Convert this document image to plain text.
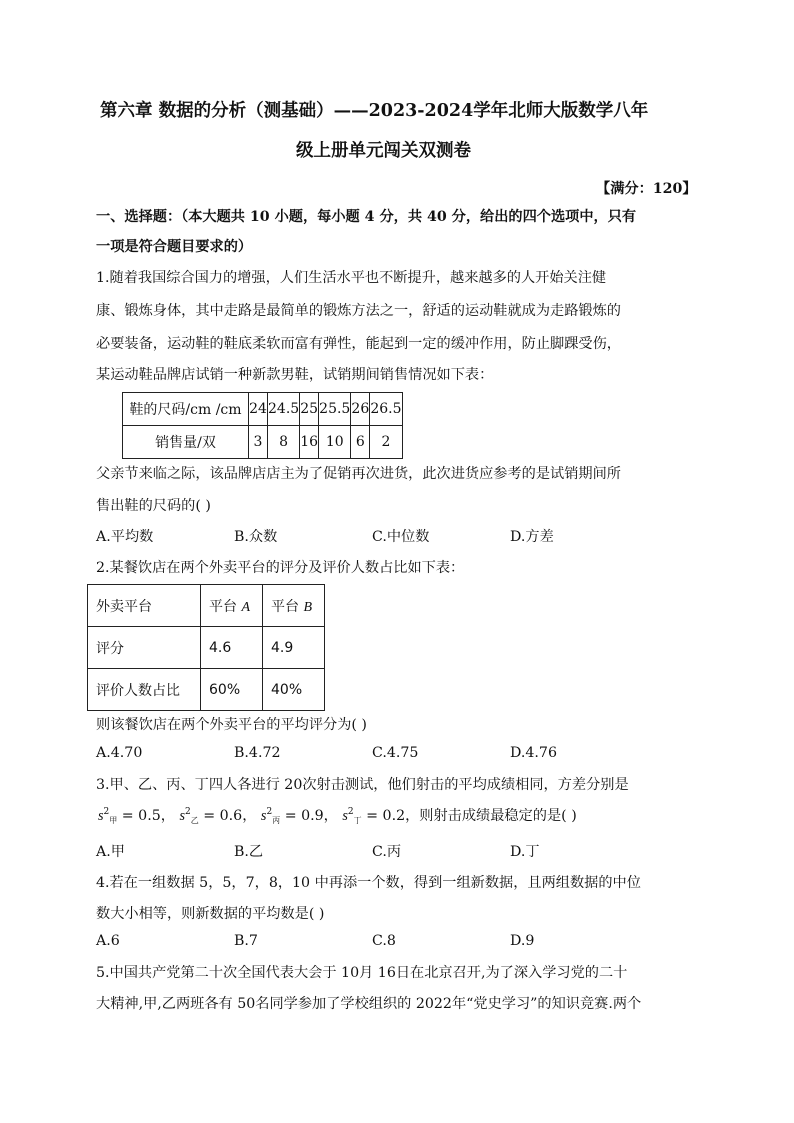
第六章 数据的分析（测基础）——2023-2024学年北师大版数学八年
级上册单元闯关双测卷
【满分：120】
一、选择题：（本大题共 10 小题，每小题 4 分，共 40 分，给出的四个选项中，只有
一项是符合题目要求的）
1.随着我国综合国力的增强，人们生活水平也不断提升，越来越多的人开始关注健
康、锻炼身体，其中走路是最简单的锻炼方法之一，舒适的运动鞋就成为走路锻炼的
必要装备，运动鞋的鞋底柔软而富有弹性，能起到一定的缓冲作用，防止脚踝受伤，
某运动鞋品牌店试销一种新款男鞋，试销期间销售情况如下表：
鞋的尺码/cm /cm	24	24.5	25	25.5	26	26.5
销售量/双	3	8	16	10	6	2
父亲节来临之际，该品牌店店主为了促销再次进货，此次进货应参考的是试销期间所
售出鞋的尺码的( )
A.平均数	B.众数	C.中位数	D.方差
2.某餐饮店在两个外卖平台的评分及评价人数占比如下表：
外卖平台	平台 A	平台 B
评分	4.6	4.9
评价人数占比	60%	40%
则该餐饮店在两个外卖平台的平均评分为( )
A.4.70	B.4.72	C.4.75	D.4.76
3.甲、乙、丙、丁四人各进行 20次射击测试，他们射击的平均成绩相同，方差分别是
$s^2_甲 = 0.5$， $s^2_乙 = 0.6$， $s^2_丙 = 0.9$， $s^2_丁 = 0.2$，则射击成绩最稳定的是( )
A.甲	B.乙	C.丙	D.丁
4.若在一组数据 5，5，7，8，10 中再添一个数，得到一组新数据，且两组数据的中位
数大小相等，则新数据的平均数是( )
A.6	B.7	C.8	D.9
5.中国共产党第二十次全国代表大会于 10月 16日在北京召开,为了深入学习党的二十
大精神,甲,乙两班各有 50名同学参加了学校组织的 2022年“党史学习”的知识竞赛.两个
